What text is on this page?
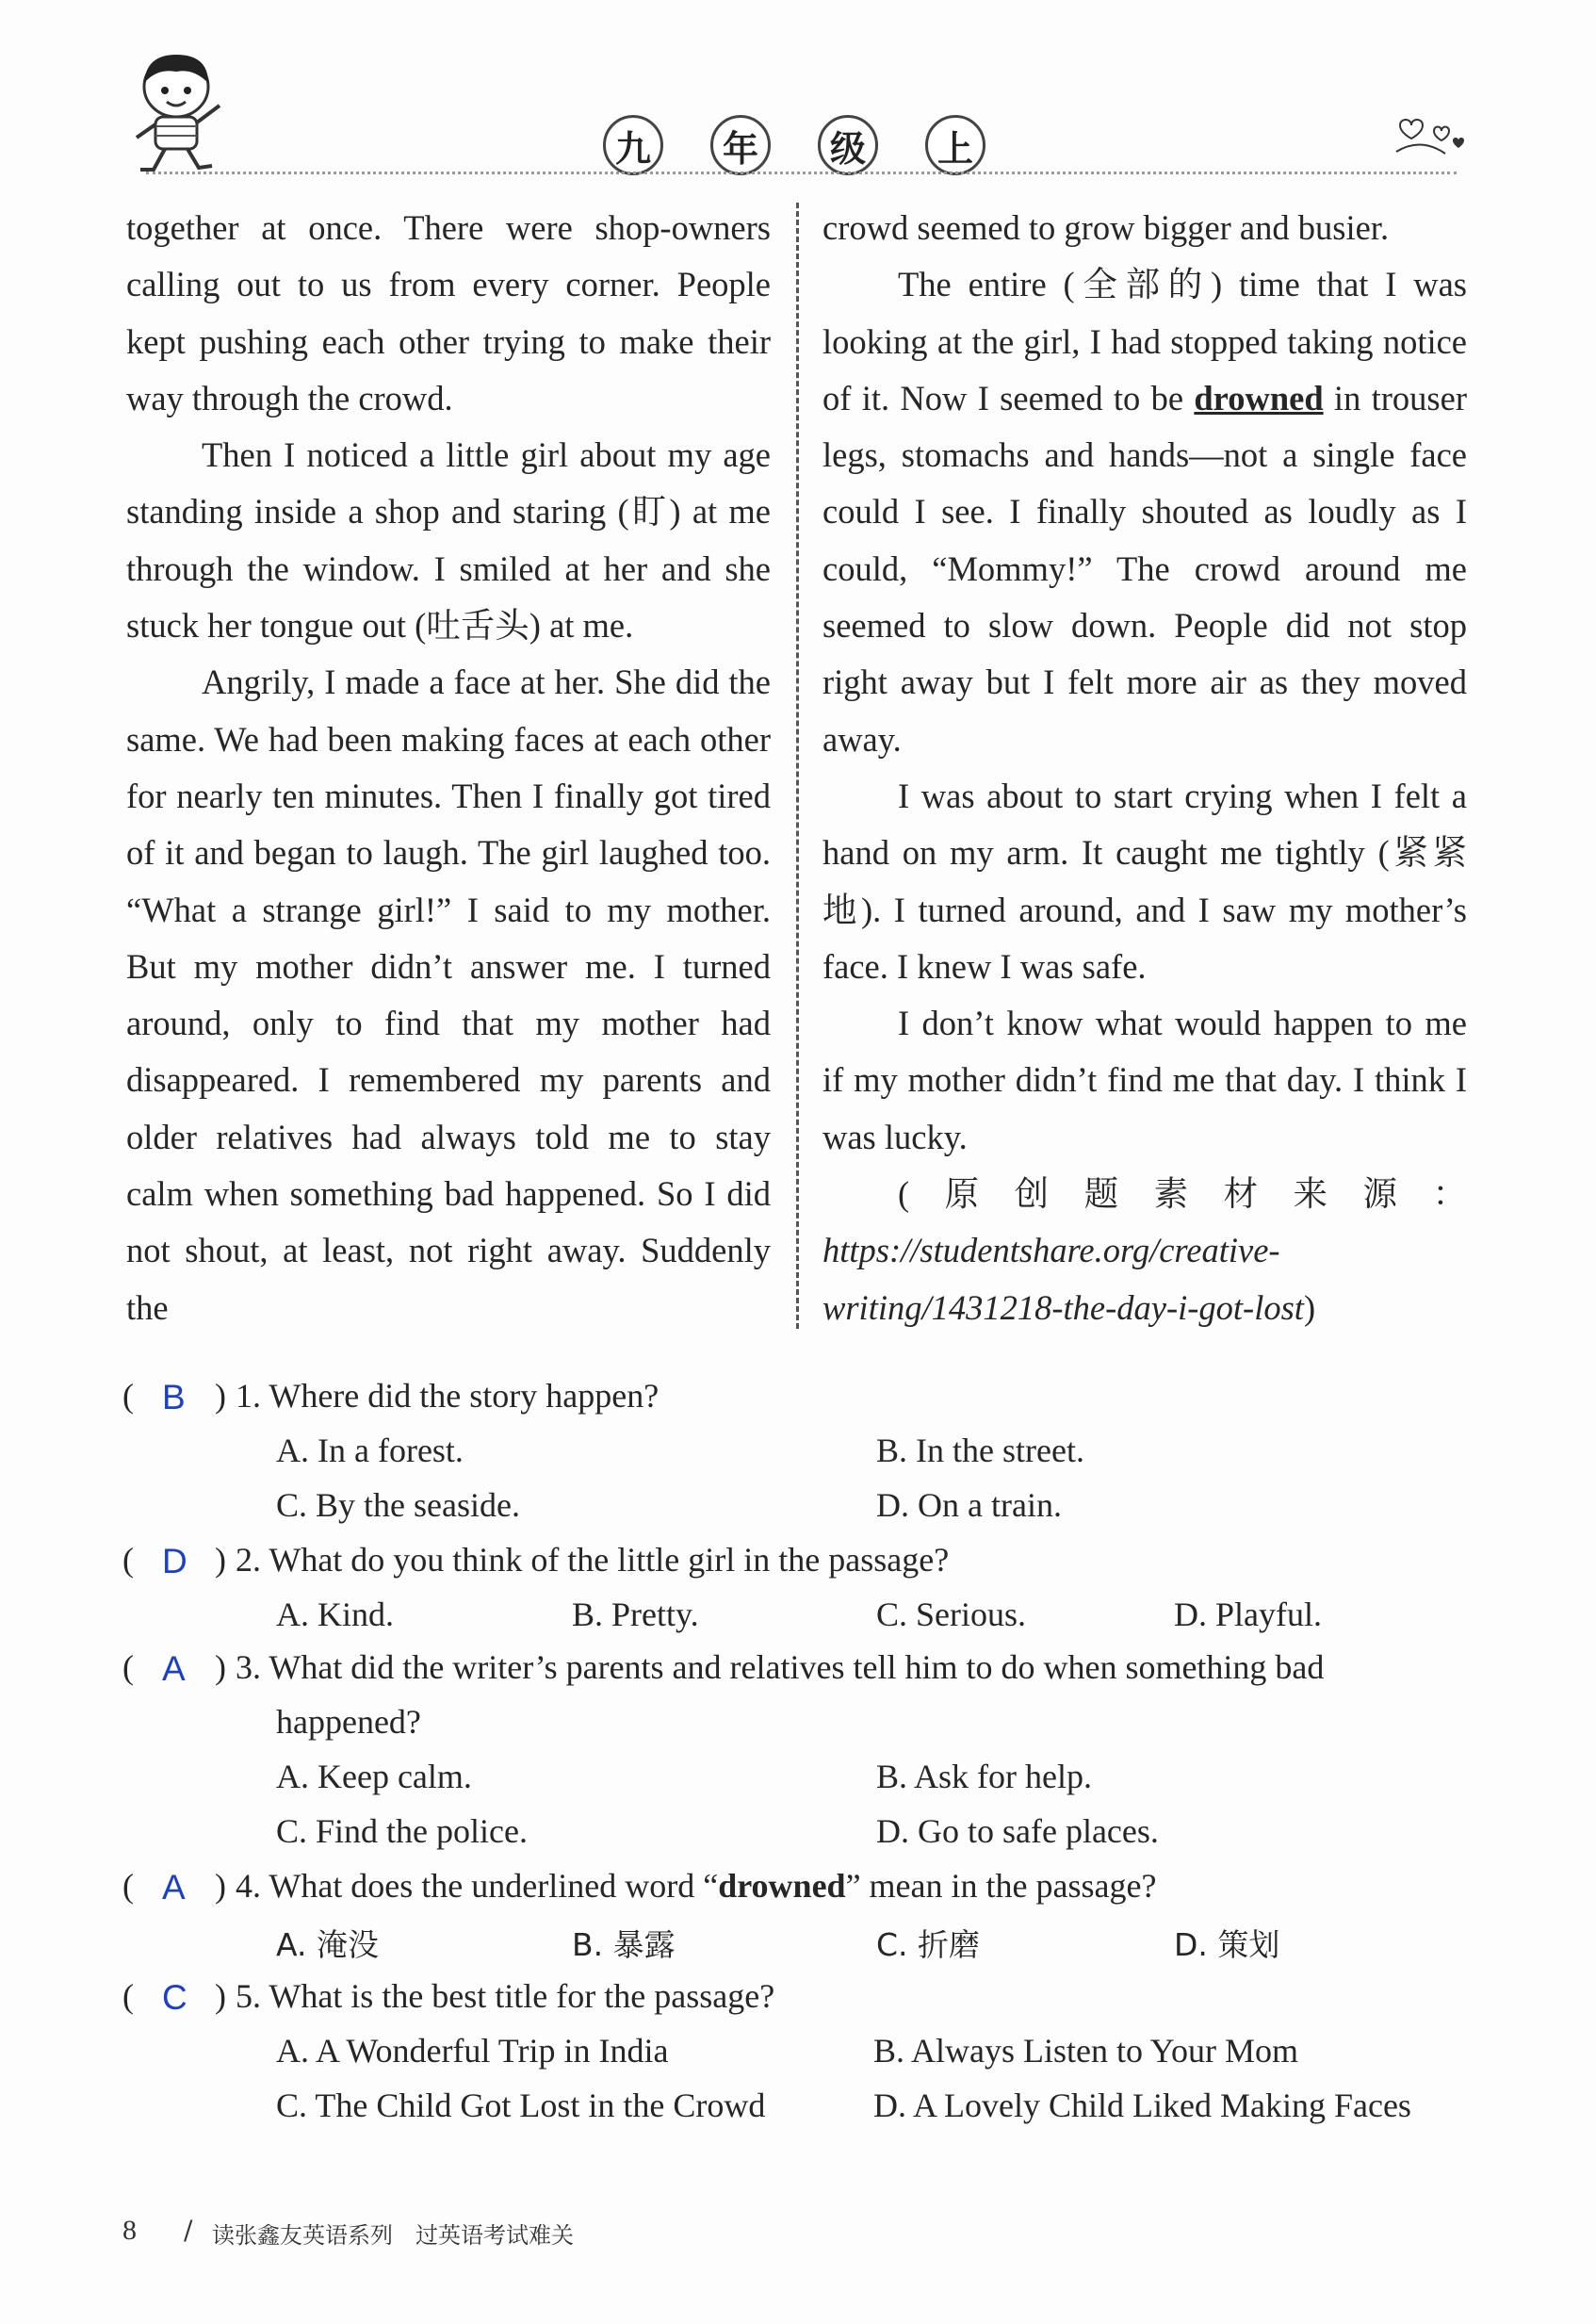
九	年	级	上

together at once. There were shop-owners calling out to us from every corner. People kept pushing each other trying to make their way through the crowd.

Then I noticed a little girl about my age standing inside a shop and staring (盯) at me through the window. I smiled at her and she stuck her tongue out (吐舌头) at me.

Angrily, I made a face at her. She did the same. We had been making faces at each other for nearly ten minutes. Then I finally got tired of it and began to laugh. The girl laughed too. “What a strange girl!” I said to my mother. But my mother didn’t answer me. I turned around, only to find that my mother had disappeared. I remembered my parents and older relatives had always told me to stay calm when something bad happened. So I did not shout, at least, not right away. Suddenly the

crowd seemed to grow bigger and busier.

The entire (全部的) time that I was looking at the girl, I had stopped taking notice of it. Now I seemed to be drowned in trouser legs, stomachs and hands—not a single face could I see. I finally shouted as loudly as I could, “Mommy!” The crowd around me seemed to slow down. People did not stop right away but I felt more air as they moved away.

I was about to start crying when I felt a hand on my arm. It caught me tightly (紧紧地). I turned around, and I saw my mother’s face. I knew I was safe.

I don’t know what would happen to me if my mother didn’t find me that day. I think I was lucky.

(原创题素材来源：https://studentshare.org/creative-writing/1431218-the-day-i-got-lost)

( B ) 1. Where did the story happen?
A. In a forest.	B. In the street.
C. By the seaside.	D. On a train.
( D ) 2. What do you think of the little girl in the passage?
A. Kind.	B. Pretty.	C. Serious.	D. Playful.
( A ) 3. What did the writer’s parents and relatives tell him to do when something bad
happened?
A. Keep calm.	B. Ask for help.
C. Find the police.	D. Go to safe places.
( A ) 4. What does the underlined word “drowned” mean in the passage?
A. 淹没	B. 暴露	C. 折磨	D. 策划
( C ) 5. What is the best title for the passage?
A. A Wonderful Trip in India	B. Always Listen to Your Mom
C. The Child Got Lost in the Crowd	D. A Lovely Child Liked Making Faces
8 / 读张鑫友英语系列　过英语考试难关
